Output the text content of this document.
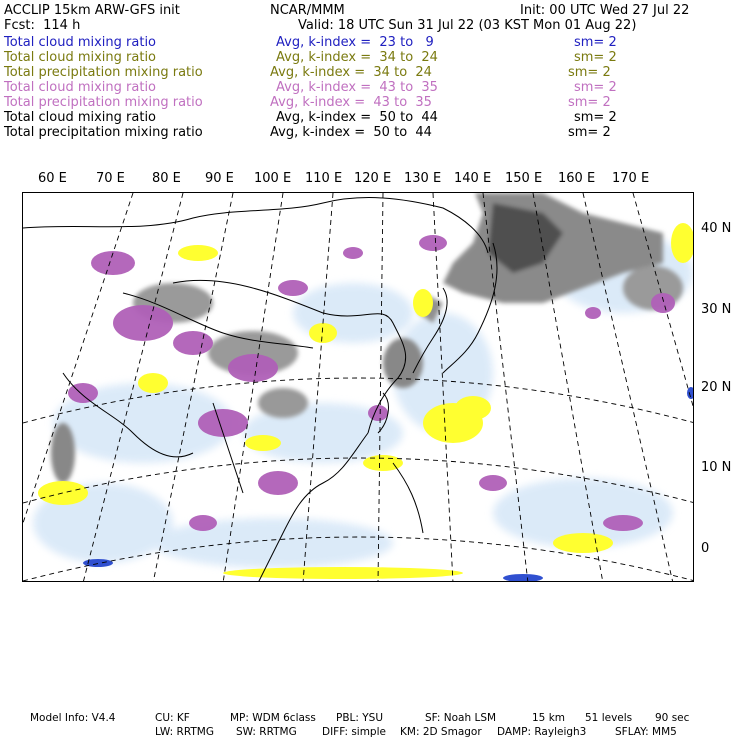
ACCLIP 15km ARW-GFS init	NCAR/MMM	Init: 00 UTC Wed 27 Jul 22
Fcst:  114 h	Valid: 18 UTC Sun 31 Jul 22 (03 KST Mon 01 Aug 22)
Total cloud mixing ratio	Avg, k-index =  23 to   9	sm= 2
Total cloud mixing ratio	Avg, k-index =  34 to  24	sm= 2
Total precipitation mixing ratio	Avg, k-index =  34 to  24	sm= 2
Total cloud mixing ratio	Avg, k-index =  43 to  35	sm= 2
Total precipitation mixing ratio	Avg, k-index =  43 to  35	sm= 2
Total cloud mixing ratio	Avg, k-index =  50 to  44	sm= 2
Total precipitation mixing ratio	Avg, k-index =  50 to  44	sm= 2
60 E 70 E 80 E 90 E 100 E 110 E 120 E 130 E 140 E 150 E 160 E 170 E
40 N
30 N
20 N
10 N
0
Model Info: V4.4	CU: KF	MP: WDM 6class PBL: YSU	SF: Noah LSM	15 km 51 levels 90 sec
LW: RRTMG SW: RRTMG DIFF: simple KM: 2D Smagor DAMP: Rayleigh3	SFLAY: MM5
